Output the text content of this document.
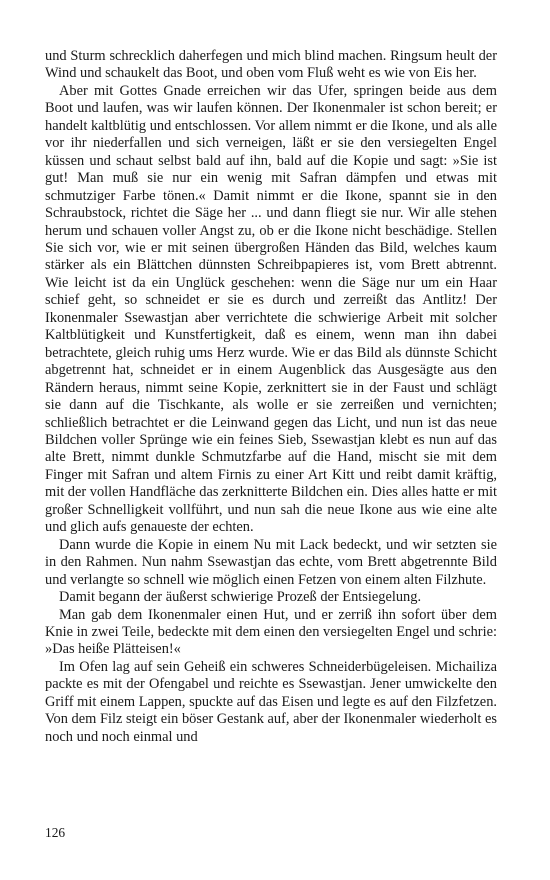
und Sturm schrecklich daherfegen und mich blind machen. Ringsum heult der Wind und schaukelt das Boot, und oben vom Fluß weht es wie von Eis her.

Aber mit Gottes Gnade erreichen wir das Ufer, springen beide aus dem Boot und laufen, was wir laufen können. Der Ikonenmaler ist schon bereit; er handelt kaltblütig und entschlossen. Vor allem nimmt er die Ikone, und als alle vor ihr niederfallen und sich verneigen, läßt er sie den versiegelten Engel küssen und schaut selbst bald auf ihn, bald auf die Kopie und sagt: »Sie ist gut! Man muß sie nur ein wenig mit Safran dämpfen und etwas mit schmutziger Farbe tönen.« Damit nimmt er die Ikone, spannt sie in den Schraubstock, richtet die Säge her ... und dann fliegt sie nur. Wir alle stehen herum und schauen voller Angst zu, ob er die Ikone nicht beschädige. Stellen Sie sich vor, wie er mit seinen übergroßen Händen das Bild, welches kaum stärker als ein Blättchen dünnsten Schreibpapieres ist, vom Brett abtrennt. Wie leicht ist da ein Unglück geschehen: wenn die Säge nur um ein Haar schief geht, so schneidet er sie es durch und zerreißt das Antlitz! Der Ikonenmaler Ssewastjan aber verrichtete die schwierige Arbeit mit solcher Kaltblütigkeit und Kunstfertigkeit, daß es einem, wenn man ihn dabei betrachtete, gleich ruhig ums Herz wurde. Wie er das Bild als dünnste Schicht abgetrennt hat, schneidet er in einem Augenblick das Ausgesägte aus den Rändern heraus, nimmt seine Kopie, zerknittert sie in der Faust und schlägt sie dann auf die Tischkante, als wolle er sie zerreißen und vernichten; schließlich betrachtet er die Leinwand gegen das Licht, und nun ist das neue Bildchen voller Sprünge wie ein feines Sieb, Ssewastjan klebt es nun auf das alte Brett, nimmt dunkle Schmutzfarbe auf die Hand, mischt sie mit dem Finger mit Safran und altem Firnis zu einer Art Kitt und reibt damit kräftig, mit der vollen Handfläche das zerknitterte Bildchen ein. Dies alles hatte er mit großer Schnelligkeit vollführt, und nun sah die neue Ikone aus wie eine alte und glich aufs genaueste der echten.

Dann wurde die Kopie in einem Nu mit Lack bedeckt, und wir setzten sie in den Rahmen. Nun nahm Ssewastjan das echte, vom Brett abgetrennte Bild und verlangte so schnell wie möglich einen Fetzen von einem alten Filzhute.

Damit begann der äußerst schwierige Prozeß der Entsiegelung.

Man gab dem Ikonenmaler einen Hut, und er zerriß ihn sofort über dem Knie in zwei Teile, bedeckte mit dem einen den versiegelten Engel und schrie: »Das heiße Plätteisen!«

Im Ofen lag auf sein Geheiß ein schweres Schneiderbügeleisen. Michailiza packte es mit der Ofengabel und reichte es Ssewastjan. Jener umwickelte den Griff mit einem Lappen, spuckte auf das Eisen und legte es auf den Filzfetzen. Von dem Filz steigt ein böser Gestank auf, aber der Ikonenmaler wiederholt es noch und noch einmal und

126
